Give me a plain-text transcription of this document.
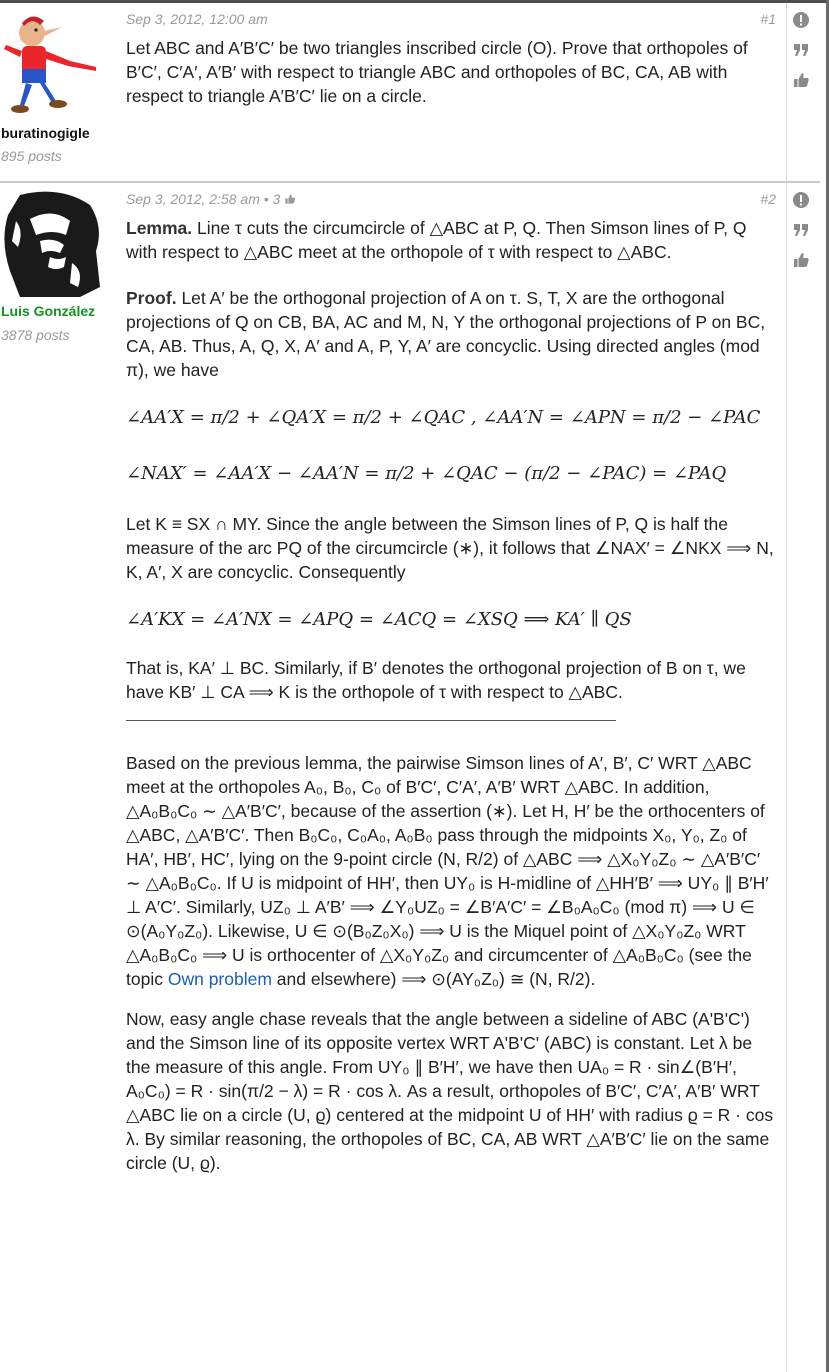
buratinogigle
895 posts
Sep 3, 2012, 12:00 am	#1

Let ABC and A′B′C′ be two triangles inscribed circle (O). Prove that orthopoles of B′C′, C′A′, A′B′ with respect to triangle ABC and orthopoles of BC, CA, AB with respect to triangle A′B′C′ lie on a circle.

Luis González
3878 posts
Sep 3, 2012, 2:58 am • 3	#2

Lemma. Line τ cuts the circumcircle of △ABC at P, Q. Then Simson lines of P, Q with respect to △ABC meet at the orthopole of τ with respect to △ABC.

Proof. Let A′ be the orthogonal projection of A on τ. S, T, X are the orthogonal projections of Q on CB, BA, AC and M, N, Y the orthogonal projections of P on BC, CA, AB. Thus, A, Q, X, A′ and A, P, Y, A′ are concyclic. Using directed angles (mod π), we have

∠AA′X = π/2 + ∠QA′X = π/2 + ∠QAC , ∠AA′N = ∠APN = π/2 − ∠PAC
∠NAX′ = ∠AA′X − ∠AA′N = π/2 + ∠QAC − (π/2 − ∠PAC) = ∠PAQ

Let K ≡ SX ∩ MY. Since the angle between the Simson lines of P, Q is half the measure of the arc PQ of the circumcircle (∗), it follows that ∠NAX′ = ∠NKX ⟹ N, K, A′, X are concyclic. Consequently

∠A′KX = ∠A′NX = ∠APQ = ∠ACQ = ∠XSQ ⟹ KA′ ∥ QS

That is, KA′ ⊥ BC. Similarly, if B′ denotes the orthogonal projection of B on τ, we have KB′ ⊥ CA ⟹ K is the orthopole of τ with respect to △ABC.

Based on the previous lemma, the pairwise Simson lines of A′, B′, C′ WRT △ABC meet at the orthopoles A₀, B₀, C₀ of B′C′, C′A′, A′B′ WRT △ABC. In addition, △A₀B₀C₀ ∼ △A′B′C′, because of the assertion (∗). Let H, H′ be the orthocenters of △ABC, △A′B′C′. Then B₀C₀, C₀A₀, A₀B₀ pass through the midpoints X₀, Y₀, Z₀ of HA′, HB′, HC′, lying on the 9-point circle (N, R/2) of △ABC ⟹ △X₀Y₀Z₀ ∼ △A′B′C′ ∼ △A₀B₀C₀. If U is midpoint of HH′, then UY₀ is H-midline of △HH′B′ ⟹ UY₀ ∥ B′H′ ⊥ A′C′. Similarly, UZ₀ ⊥ A′B′ ⟹ ∠Y₀UZ₀ = ∠B′A′C′ = ∠B₀A₀C₀ (mod π) ⟹ U ∈ ⊙(A₀Y₀Z₀). Likewise, U ∈ ⊙(B₀Z₀X₀) ⟹ U is the Miquel point of △X₀Y₀Z₀ WRT △A₀B₀C₀ ⟹ U is orthocenter of △X₀Y₀Z₀ and circumcenter of △A₀B₀C₀ (see the topic Own problem and elsewhere) ⟹ ⊙(AY₀Z₀) ≅ (N, R/2).

Now, easy angle chase reveals that the angle between a sideline of ABC (A'B'C') and the Simson line of its opposite vertex WRT A'B'C' (ABC) is constant. Let λ be the measure of this angle. From UY₀ ∥ B′H′, we have then UA₀ = R · sin∠(B′H′, A₀C₀) = R · sin(π/2 − λ) = R · cos λ. As a result, orthopoles of B′C′, C′A′, A′B′ WRT △ABC lie on a circle (U, ϱ) centered at the midpoint U of HH′ with radius ϱ = R · cos λ. By similar reasoning, the orthopoles of BC, CA, AB WRT △A′B′C′ lie on the same circle (U, ϱ).
